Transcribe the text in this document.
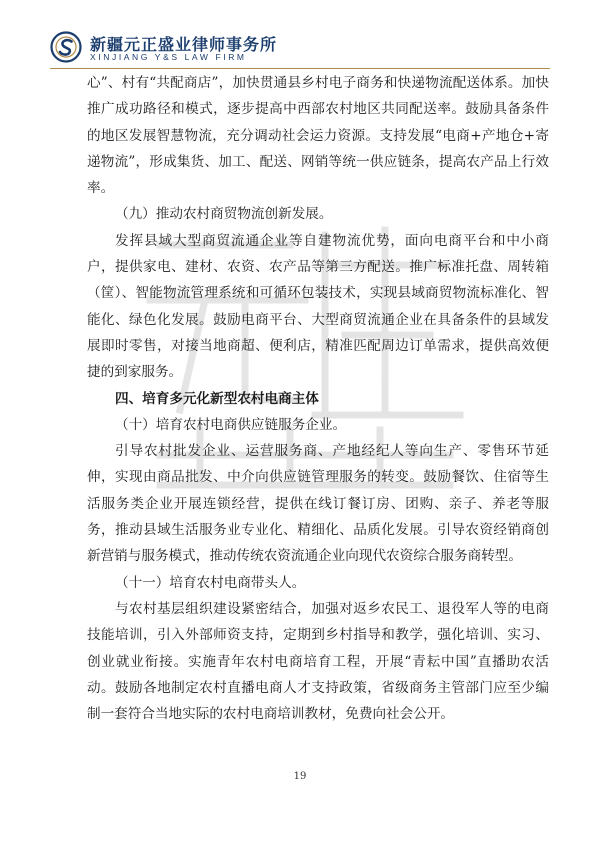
新疆元正盛业律师事务所
XINJIANG Y&S LAW FIRM

心”、村有“共配商店”，加快贯通县乡村电子商务和快递物流配送体系。加快推广成功路径和模式，逐步提高中西部农村地区共同配送率。鼓励具备条件的地区发展智慧物流，充分调动社会运力资源。支持发展“电商+产地仓+寄递物流”，形成集货、加工、配送、网销等统一供应链条，提高农产品上行效率。

（九）推动农村商贸物流创新发展。

发挥县域大型商贸流通企业等自建物流优势，面向电商平台和中小商户，提供家电、建材、农资、农产品等第三方配送。推广标准托盘、周转箱（筐）、智能物流管理系统和可循环包装技术，实现县域商贸物流标准化、智能化、绿色化发展。鼓励电商平台、大型商贸流通企业在具备条件的县域发展即时零售，对接当地商超、便利店，精准匹配周边订单需求，提供高效便捷的到家服务。

四、培育多元化新型农村电商主体

（十）培育农村电商供应链服务企业。

引导农村批发企业、运营服务商、产地经纪人等向生产、零售环节延伸，实现由商品批发、中介向供应链管理服务的转变。鼓励餐饮、住宿等生活服务类企业开展连锁经营，提供在线订餐订房、团购、亲子、养老等服务，推动县域生活服务业专业化、精细化、品质化发展。引导农资经销商创新营销与服务模式，推动传统农资流通企业向现代农资综合服务商转型。

（十一）培育农村电商带头人。

与农村基层组织建设紧密结合，加强对返乡农民工、退役军人等的电商技能培训，引入外部师资支持，定期到乡村指导和教学，强化培训、实习、创业就业衔接。实施青年农村电商培育工程，开展“青耘中国”直播助农活动。鼓励各地制定农村直播电商人才支持政策，省级商务主管部门应至少编制一套符合当地实际的农村电商培训教材，免费向社会公开。

19
